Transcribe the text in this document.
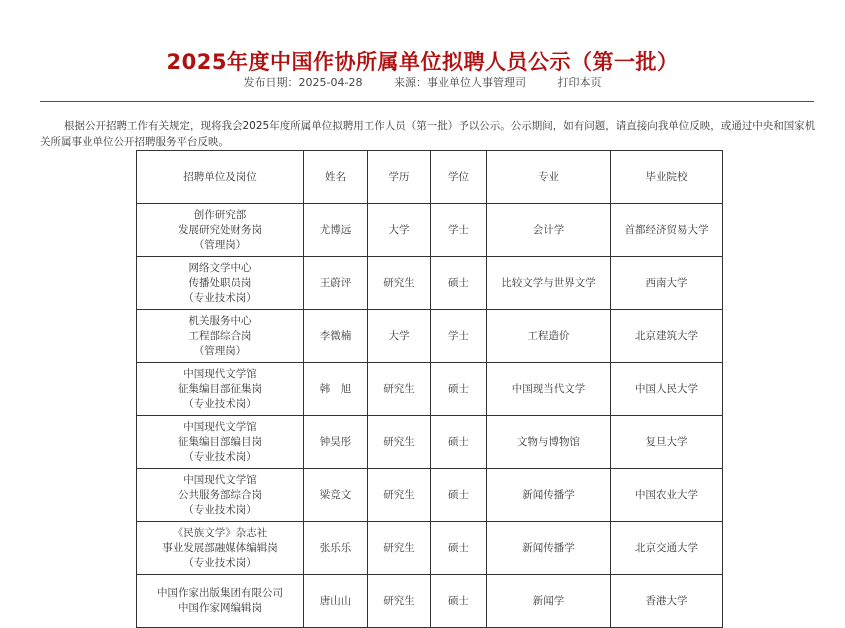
2025年度中国作协所属单位拟聘人员公示（第一批）
发布日期：2025-04-28	来源：事业单位人事管理司	打印本页

根据公开招聘工作有关规定，现将我会2025年度所属单位拟聘用工作人员（第一批）予以公示。公示期间，如有问题，请直接向我单位反映，或通过中央和国家机关所属事业单位公开招聘服务平台反映。

招聘单位及岗位	姓名	学历	学位	专业	毕业院校

创作研究部
发展研究处财务岗
（管理岗）	尤博远	大学	学士	会计学	首都经济贸易大学

网络文学中心
传播处职员岗
（专业技术岗）	王蔚评	研究生	硕士	比较文学与世界文学	西南大学

机关服务中心
工程部综合岗
（管理岗）	李微楠	大学	学士	工程造价	北京建筑大学

中国现代文学馆
征集编目部征集岗
（专业技术岗）	韩　旭	研究生	硕士	中国现当代文学	中国人民大学

中国现代文学馆
征集编目部编目岗
（专业技术岗）	钟昊彤	研究生	硕士	文物与博物馆	复旦大学

中国现代文学馆
公共服务部综合岗
（专业技术岗）	梁竞文	研究生	硕士	新闻传播学	中国农业大学

《民族文学》杂志社
事业发展部融媒体编辑岗
（专业技术岗）	张乐乐	研究生	硕士	新闻传播学	北京交通大学

中国作家出版集团有限公司
中国作家网编辑岗	唐山山	研究生	硕士	新闻学	香港大学
